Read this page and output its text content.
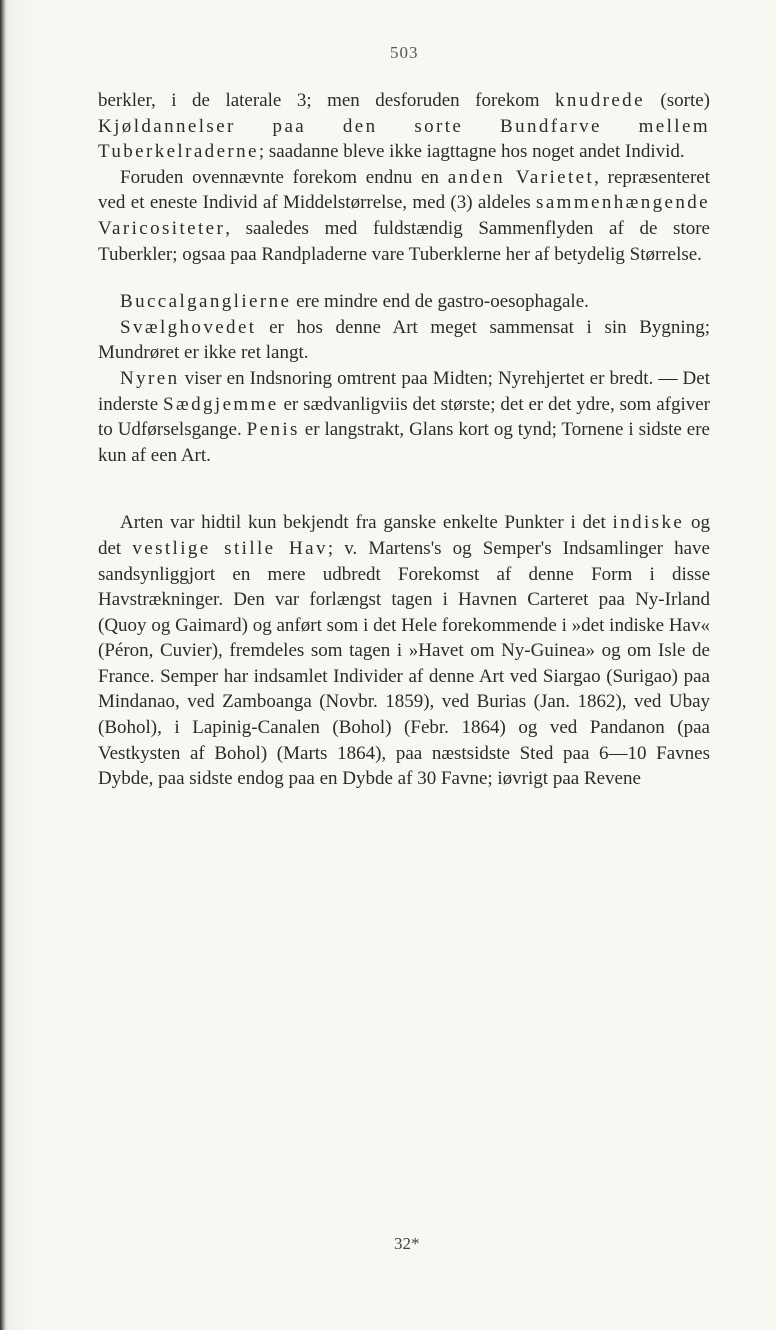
503

berkler, i de laterale 3; men desforuden forekom knudrede (sorte) Kjøldannelser paa den sorte Bundfarve mellem Tuberkelraderne; saadanne bleve ikke iagttagne hos noget andet Individ.

Foruden ovennævnte forekom endnu en anden Varietet, repræsenteret ved et eneste Individ af Middelstørrelse, med (3) aldeles sammenhængende Varicositeter, saaledes med fuldstændig Sammenflyden af de store Tuberkler; ogsaa paa Randpladerne vare Tuberklerne her af betydelig Størrelse.

Buccalganglierne ere mindre end de gastro-oesophagale.

Svælghovedet er hos denne Art meget sammensat i sin Bygning; Mundrøret er ikke ret langt.

Nyren viser en Indsnoring omtrent paa Midten; Nyrehjertet er bredt. — Det inderste Sædgjemme er sædvanligviis det største; det er det ydre, som afgiver to Udførselsgange. Penis er langstrakt, Glans kort og tynd; Tornene i sidste ere kun af een Art.

Arten var hidtil kun bekjendt fra ganske enkelte Punkter i det indiske og det vestlige stille Hav; v. Martens's og Semper's Indsamlinger have sandsynliggjort en mere udbredt Forekomst af denne Form i disse Havstrækninger. Den var forlængst tagen i Havnen Carteret paa Ny-Irland (Quoy og Gaimard) og anført som i det Hele forekommende i »det indiske Hav« (Péron, Cuvier), fremdeles som tagen i »Havet om Ny-Guinea» og om Isle de France. Semper har indsamlet Individer af denne Art ved Siargao (Surigao) paa Mindanao, ved Zamboanga (Novbr. 1859), ved Burias (Jan. 1862), ved Ubay (Bohol), i Lapinig-Canalen (Bohol) (Febr. 1864) og ved Pandanon (paa Vestkysten af Bohol) (Marts 1864), paa næstsidste Sted paa 6—10 Favnes Dybde, paa sidste endog paa en Dybde af 30 Favne; iøvrigt paa Revene

32*
